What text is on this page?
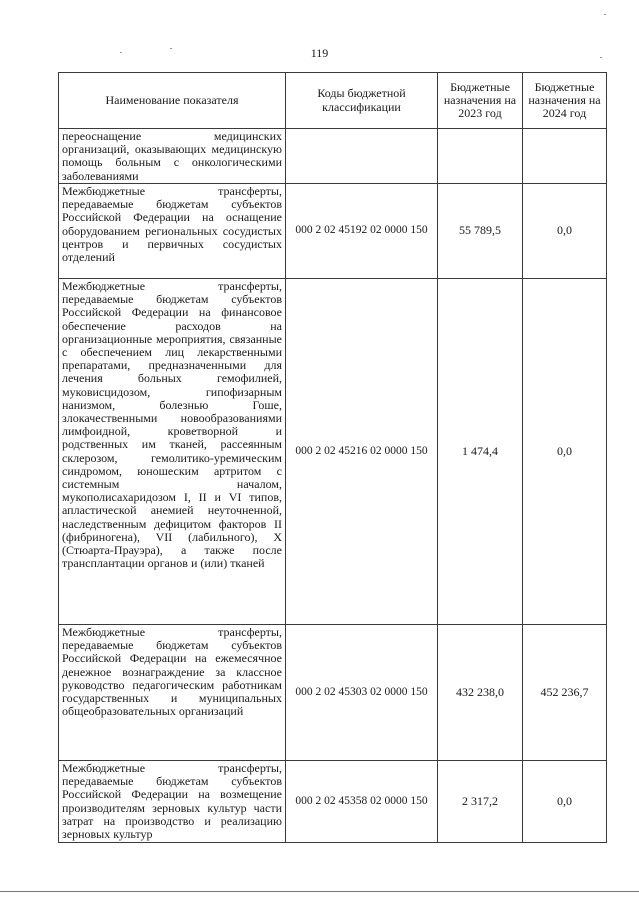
119
Наименование показателя	Коды бюджетной классификации	Бюджетные назначения на 2023 год	Бюджетные назначения на 2024 год
переоснащение медицинских организаций, оказывающих медицинскую помощь больным с онкологическими заболеваниями			
Межбюджетные трансферты, передаваемые бюджетам субъектов Российской Федерации на оснащение оборудованием региональных сосудистых центров и первичных сосудистых отделений	000 2 02 45192 02 0000 150	55 789,5	0,0
Межбюджетные трансферты, передаваемые бюджетам субъектов Российской Федерации на финансовое обеспечение расходов на организационные мероприятия, связанные с обеспечением лиц лекарственными препаратами, предназначенными для лечения больных гемофилией, муковисцидозом, гипофизарным нанизмом, болезнью Гоше, злокачественными новообразованиями лимфоидной, кроветворной и родственных им тканей, рассеянным склерозом, гемолитико-уремическим синдромом, юношеским артритом с системным началом, мукополисахаридозом I, II и VI типов, апластической анемией неуточненной, наследственным дефицитом факторов II (фибриногена), VII (лабильного), X (Стюарта-Прауэра), а также после трансплантации органов и (или) тканей	000 2 02 45216 02 0000 150	1 474,4	0,0
Межбюджетные трансферты, передаваемые бюджетам субъектов Российской Федерации на ежемесячное денежное вознаграждение за классное руководство педагогическим работникам государственных и муниципальных общеобразовательных организаций	000 2 02 45303 02 0000 150	432 238,0	452 236,7
Межбюджетные трансферты, передаваемые бюджетам субъектов Российской Федерации на возмещение производителям зерновых культур части затрат на производство и реализацию зерновых культур	000 2 02 45358 02 0000 150	2 317,2	0,0
